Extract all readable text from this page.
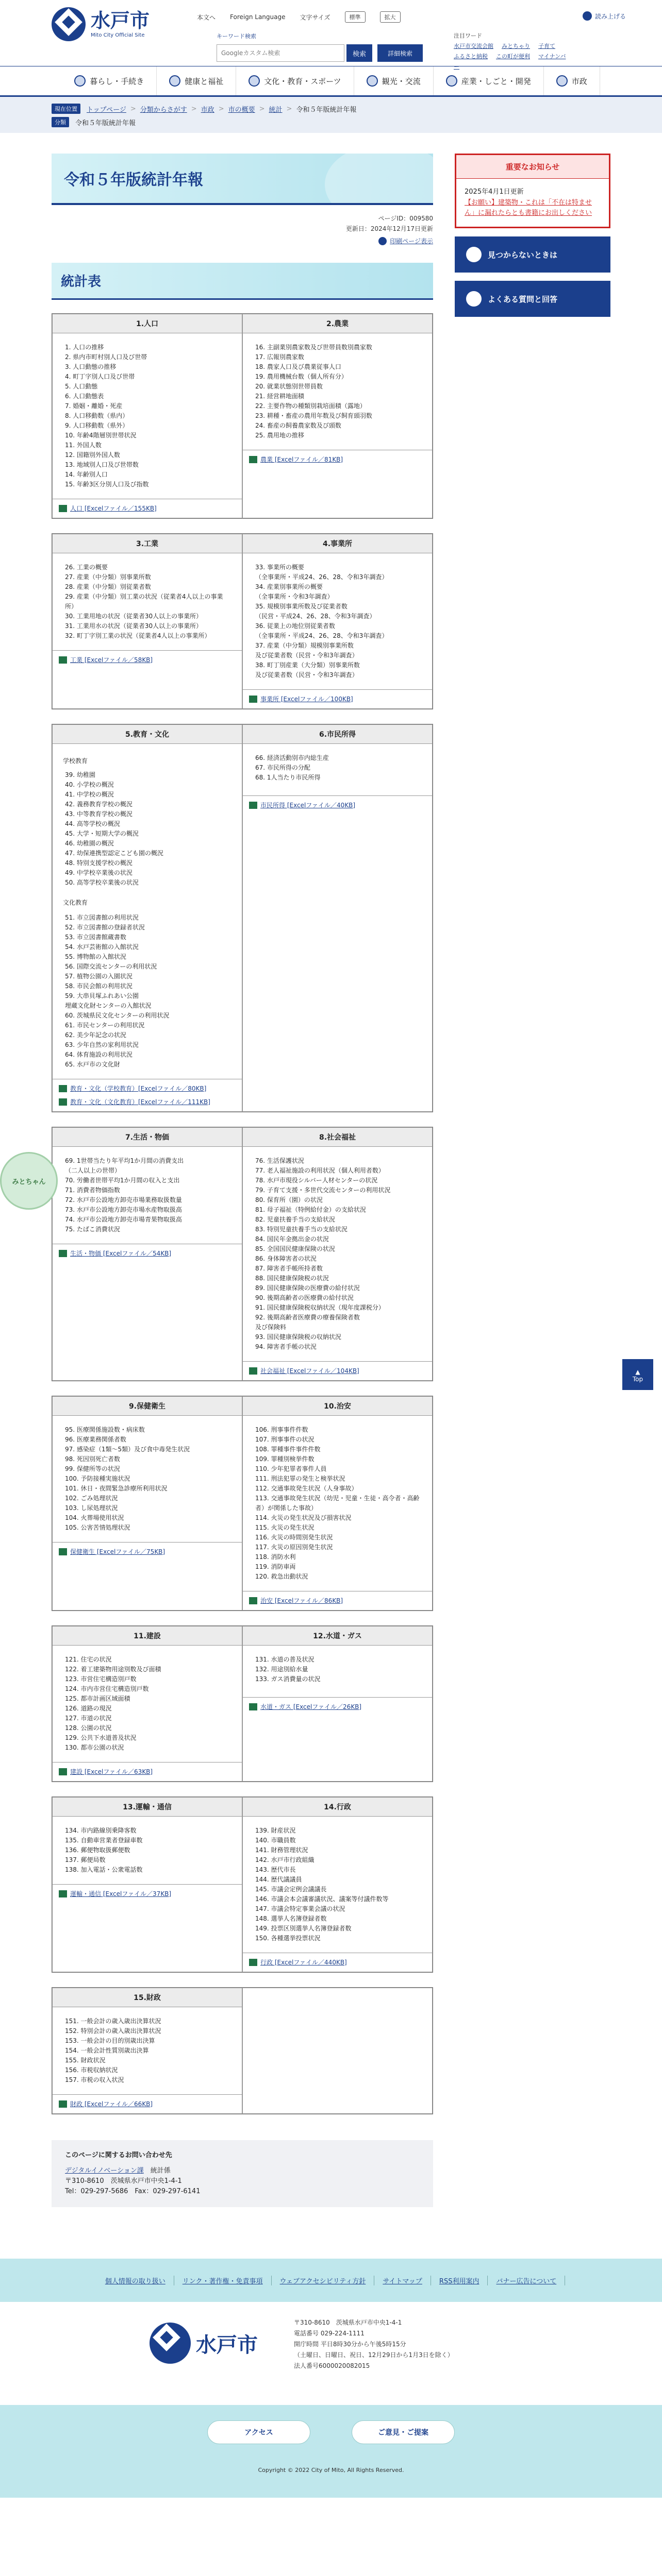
水戸市
Mito City Official Site
本文へ Foreign Language 文字サイズ	標準	拡大	読み上げる
キーワード検索
Googleカスタム検索
検索	詳細検索
注目ワード
水戸市交流会館 みとちゃり 子育て
ふるさと納税 この町が便利 マイナンバー
暮らし・手続き	健康と福祉	文化・教育・スポーツ	観光・交流	産業・しごと・開発	市政
現在位置	トップページ > 分類からさがす > 市政 > 市の概要 > 統計 > 令和５年版統計年報
分類	令和５年版統計年報
令和５年版統計年報
ページID：009580
更新日：2024年12月17日更新
印刷ページ表示
統計表
1.人口
1. 人口の推移
2. 県内市町村別人口及び世帯
3. 人口動態の推移
4. 町丁字別人口及び世帯
5. 人口動態
6. 人口動態表
7. 婚姻・離婚・死産
8. 人口移動数（県内）
9. 人口移動数（県外）
10. 年齢4階層別世帯状況
11. 外国人数
12. 国籍別外国人数
13. 地域別人口及び世帯数
14. 年齢別人口
15. 年齢3区分別人口及び指数
人口 [Excelファイル／155KB]
2.農業
16. 主副業別農家数及び世帯員数別農家数
17. 広報別農家数
18. 農家人口及び農業従事人口
19. 農用機械台数（個人所有分）
20. 就業状態別世帯員数
21. 経営耕地面積
22. 主要作物の種類別栽培面積（露地）
23. 耕種・畜産の農用年数及び飼育頭羽数
24. 畜産の飼養農家数及び頭数
25. 農用地の推移
農業 [Excelファイル／81KB]
3.工業
26. 工業の概要
27. 産業（中分類）別事業所数
28. 産業（中分類）別従業者数
29. 産業（中分類）別工業の状況（従業者4人以上の事業所）
30. 工業用地の状況（従業者30人以上の事業所）
31. 工業用水の状況（従業者30人以上の事業所）
32. 町丁字別工業の状況（従業者4人以上の事業所）
工業 [Excelファイル／58KB]
4.事業所
33. 事業所の概要
（全事業所・平成24、26、28、令和3年調査）
34. 産業別事業所の概要
（全事業所・令和3年調査）
35. 規模別事業所数及び従業者数
（民営・平成24、26、28、令和3年調査）
36. 従業上の地位別従業者数
（全事業所・平成24、26、28、令和3年調査）
37. 産業（中分類）規模別事業所数
及び従業者数（民営・令和3年調査）
38. 町丁別産業（大分類）別事業所数
及び従業者数（民営・令和3年調査）
事業所 [Excelファイル／100KB]
5.教育・文化
学校教育
39. 幼稚園
40. 小学校の概況
41. 中学校の概況
42. 義務教育学校の概況
43. 中等教育学校の概況
44. 高等学校の概況
45. 大学・短期大学の概況
46. 幼稚園の概況
47. 幼保連携型認定こども園の概況
48. 特別支援学校の概況
49. 中学校卒業後の状況
50. 高等学校卒業後の状況
文化教育
51. 市立図書館の利用状況
52. 市立図書館の登録者状況
53. 市立図書館蔵書数
54. 水戸芸術館の入館状況
55. 博物館の入館状況
56. 国際交流センターの利用状況
57. 植物公園の入園状況
58. 市民会館の利用状況
59. 大串貝塚ふれあい公園
埋蔵文化財センターの入館状況
60. 茨城県民文化センターの利用状況
61. 市民センターの利用状況
62. 美少年記念の状況
63. 少年自然の家利用状況
64. 体育施設の利用状況
65. 水戸市の文化財
教育・文化（学校教育）[Excelファイル／80KB]
教育・文化（文化教育）[Excelファイル／111KB]
6.市民所得
66. 経済活動別市内総生産
67. 市民所得の分配
68. 1人当たり市民所得
市民所得 [Excelファイル／40KB]
7.生活・物価
69. 1世帯当たり年平均1か月間の消費支出
（二人以上の世帯）
70. 労働者世帯平均1か月間の収入と支出
71. 消費者物価指数
72. 水戸市公設地方卸売市場業務取扱数量
73. 水戸市公設地方卸売市場水産物取扱高
74. 水戸市公設地方卸売市場青果物取扱高
75. たばこ消費状況
生活・物価 [Excelファイル／54KB]
8.社会福祉
76. 生活保護状況
77. 老人福祉施設の利用状況（個人利用者数）
78. 水戸市現役シルバー人材センターの状況
79. 子育て支援・多世代交流センターの利用状況
80. 保育所（園）の状況
81. 母子福祉（特例給付金）の支給状況
82. 児童扶養手当の支給状況
83. 特別児童扶養手当の支給状況
84. 国民年金拠出金の状況
85. 全国国民健康保険の状況
86. 身体障害者の状況
87. 障害者手帳所持者数
88. 国民健康保険税の状況
89. 国民健康保険の医療費の給付状況
90. 後期高齢者の医療費の給付状況
91. 国民健康保険税収納状況（現年度課税分）
92. 後期高齢者医療費の療養保険者数
及び保険料
93. 国民健康保険税の収納状況
94. 障害者手帳の状況
社会福祉 [Excelファイル／104KB]
9.保健衛生
95. 医療関係施設数・病床数
96. 医療業務関係者数
97. 感染症（1類〜5類）及び食中毒発生状況
98. 死因別死亡者数
99. 保健所等の状況
100. 予防接種実施状況
101. 休日・夜間緊急診療所利用状況
102. ごみ処理状況
103. し尿処理状況
104. 火葬場使用状況
105. 公害苦情処理状況
保健衛生 [Excelファイル／75KB]
10.治安
106. 刑事事件件数
107. 刑事事件の状況
108. 罪種事件事件件数
109. 罪種別検挙件数
110. 少年犯罪者事件人員
111. 刑法犯罪の発生と検挙状況
112. 交通事故発生状況（人身事故）
113. 交通事故発生状況（幼児・児童・生徒・高令者・高齢者）が関係した事故）
114. 火災の発生状況及び損害状況
115. 火災の発生状況
116. 火災の時間別発生状況
117. 火災の原因別発生状況
118. 消防水利
119. 消防車両
120. 救急出動状況
治安 [Excelファイル／86KB]
11.建設
121. 住宅の状況
122. 着工建築物用途別数及び面積
123. 市営住宅構造別戸数
124. 市内市営住宅構造別戸数
125. 都市計画区域面積
126. 道路の現況
127. 市道の状況
128. 公園の状況
129. 公共下水道普及状況
130. 都市公園の状況
建設 [Excelファイル／63KB]
12.水道・ガス
131. 水道の普及状況
132. 用途別給水量
133. ガス消費量の状況
水道・ガス [Excelファイル／26KB]
13.運輸・通信
134. 市内路線別乗降客数
135. 自動車営業者登録車数
136. 郵便物取扱郵便数
137. 郵便局数
138. 加入電話・公衆電話数
運輸・通信 [Excelファイル／37KB]
14.行政
139. 財産状況
140. 市職員数
141. 財務管理状況
142. 水戸市行政組織
143. 歴代市長
144. 歴代議議員
145. 市議会定例会議議長
146. 市議会本会議審議状況、議案等付議件数等
147. 市議会特定事業会議の状況
148. 選挙人名簿登録者数
149. 投票区別選挙人名簿登録者数
150. 各種選挙投票状況
行政 [Excelファイル／440KB]
15.財政
151. 一般会計の歳入歳出決算状況
152. 特別会計の歳入歳出決算状況
153. 一般会計の目的別歳出決算
154. 一般会計性質別歳出決算
155. 財政状況
156. 市税収納状況
157. 市税の収入状況
財政 [Excelファイル／66KB]
このページに関するお問い合わせ先
デジタルイノベーション課　 統計係
〒310-8610　茨城県水戸市中央1-4-1
Tel：029-297-5686　Fax：029-297-6141
重要なお知らせ
2025年4月1日更新
【お願い】建築物・これは「不在は特ません」に漏れたらとも書籍にお出しください
見つからないときは
よくある質問と回答
みとちゃん
▲
Top
個人情報の取り扱い	リンク・著作権・免責事項	ウェブアクセシビリティ方針	サイトマップ	RSS利用案内	バナー広告について
水戸市
〒310-8610　茨城県水戸市中央1-4-1
電話番号 029-224-1111
開庁時間 平日8時30分から午後5時15分
（土曜日、日曜日、祝日、12月29日から1月3日を除く）
法人番号6000020082015
アクセス	ご意見・ご提案
Copyright © 2022 City of Mito, All Rights Reserved.
